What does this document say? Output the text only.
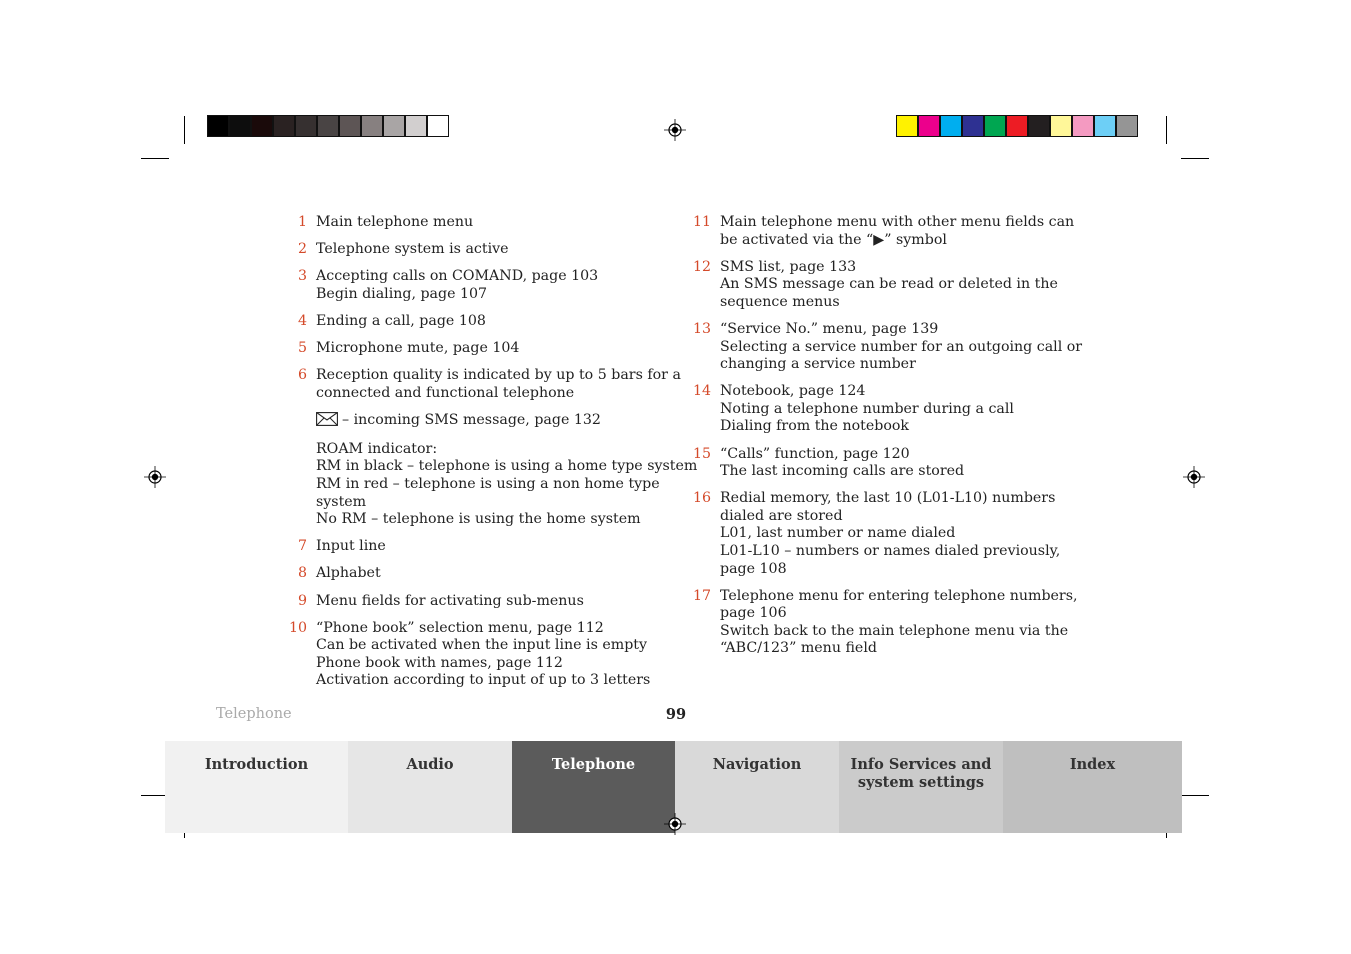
1 Main telephone menu
2 Telephone system is active
3 Accepting calls on COMAND, page 103
Begin dialing, page 107
4 Ending a call, page 108
5 Microphone mute, page 104
6 Reception quality is indicated by up to 5 bars for a
connected and functional telephone
– incoming SMS message, page 132
ROAM indicator:
RM in black – telephone is using a home type system
RM in red – telephone is using a non home type
system
No RM – telephone is using the home system
7 Input line
8 Alphabet
9 Menu fields for activating sub-menus
10 “Phone book” selection menu, page 112
Can be activated when the input line is empty
Phone book with names, page 112
Activation according to input of up to 3 letters
11 Main telephone menu with other menu fields can
be activated via the “▶” symbol
12 SMS list, page 133
An SMS message can be read or deleted in the
sequence menus
13 “Service No.” menu, page 139
Selecting a service number for an outgoing call or
changing a service number
14 Notebook, page 124
Noting a telephone number during a call
Dialing from the notebook
15 “Calls” function, page 120
The last incoming calls are stored
16 Redial memory, the last 10 (L01-L10) numbers
dialed are stored
L01, last number or name dialed
L01-L10 – numbers or names dialed previously,
page 108
17 Telephone menu for entering telephone numbers,
page 106
Switch back to the main telephone menu via the
“ABC/123” menu field
Telephone	99
Introduction	Audio	Telephone	Navigation	Info Services and
system settings
Index
